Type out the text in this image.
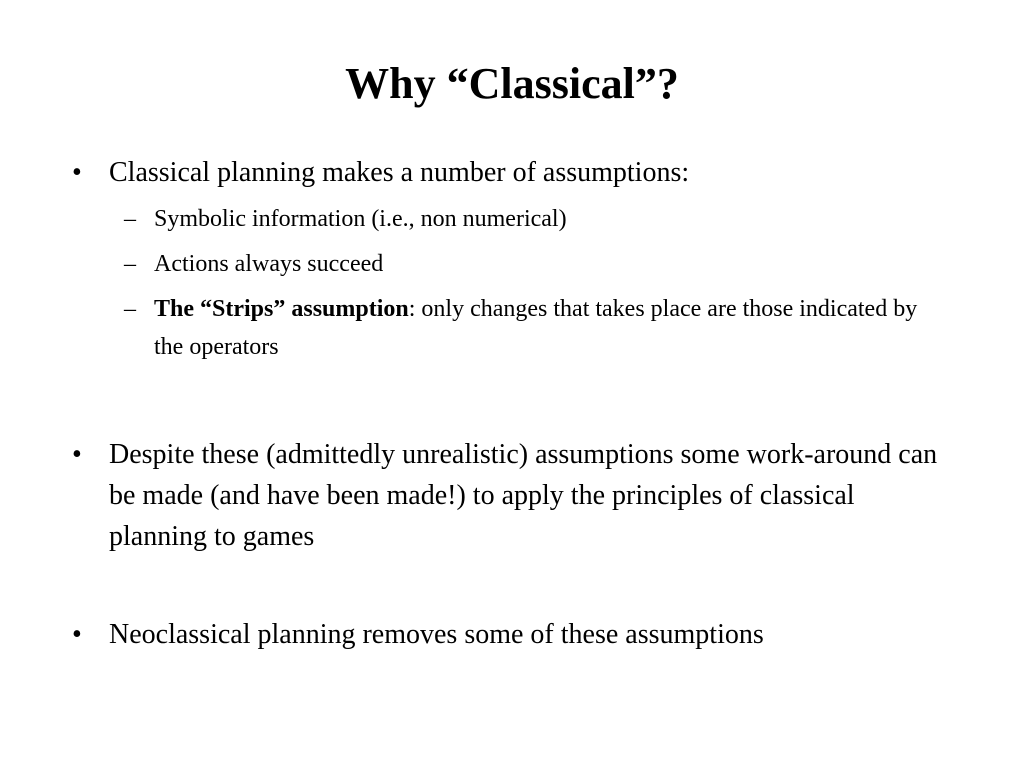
Why “Classical”?
• Classical planning makes a number of assumptions:
– Symbolic information (i.e., non numerical)
– Actions always succeed
– The “Strips” assumption: only changes that takes place are those indicated by the operators
• Despite these (admittedly unrealistic) assumptions some work-around can be made (and have been made!) to apply the principles of classical planning to games
• Neoclassical planning removes some of these assumptions
